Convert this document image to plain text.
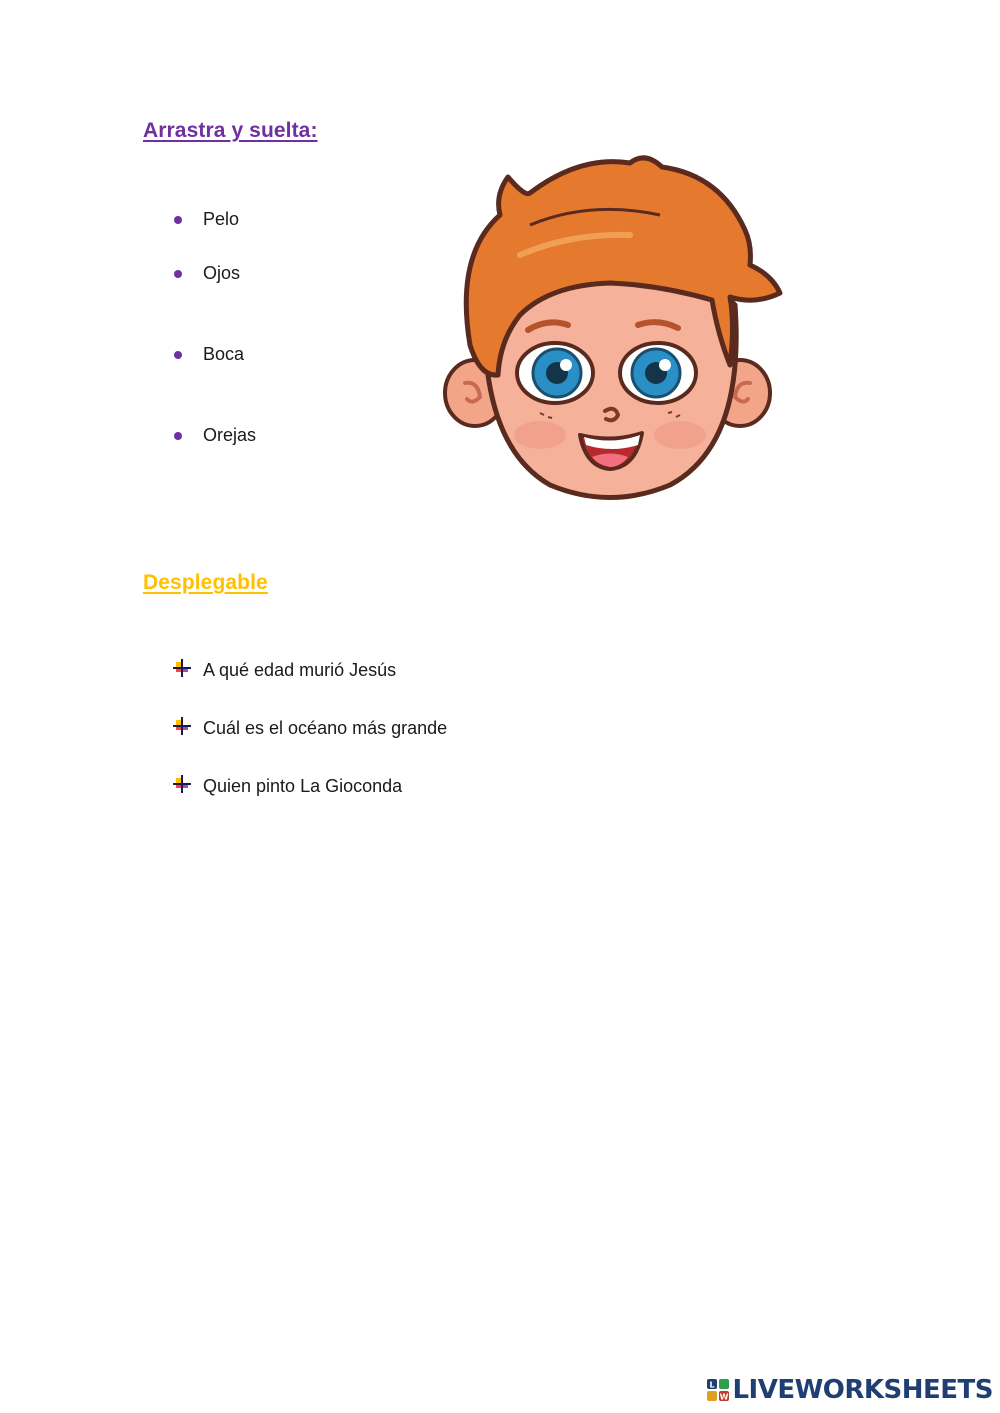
Arrastra y suelta:
Pelo
Ojos
Boca
Orejas
Desplegable
A qué edad murió Jesús
Cuál es el océano más grande
Quien pinto La Gioconda
L
W LIVEWORKSHEETS
